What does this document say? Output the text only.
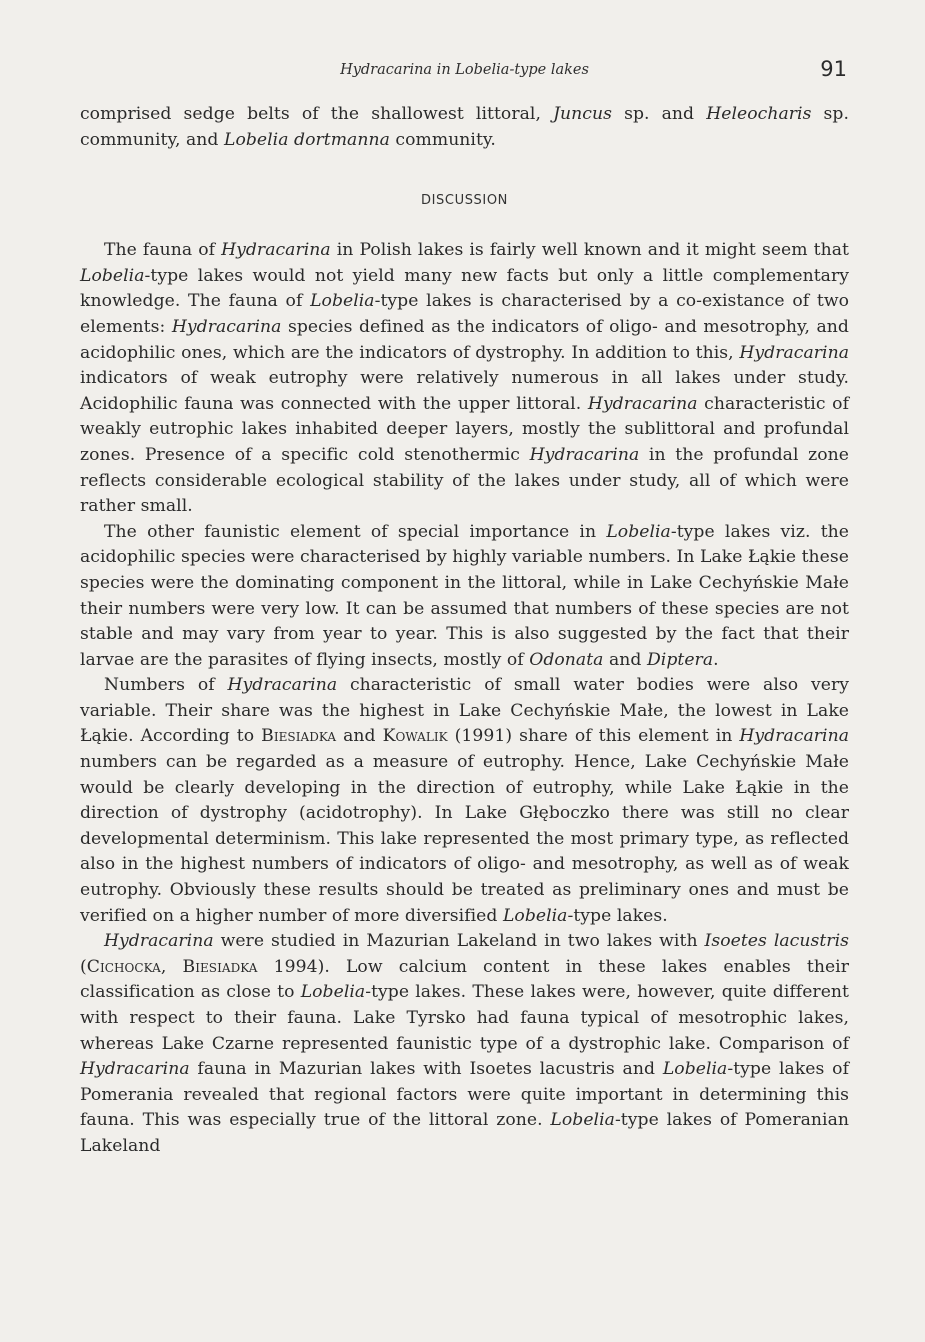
Hydracarina in Lobelia-type lakes	91

comprised sedge belts of the shallowest littoral, Juncus sp. and Heleocharis sp. community, and Lobelia dortmanna community.

DISCUSSION

The fauna of Hydracarina in Polish lakes is fairly well known and it might seem that Lobelia-type lakes would not yield many new facts but only a little complementary knowledge. The fauna of Lobelia-type lakes is characterised by a co-existance of two elements: Hydracarina species defined as the indicators of oligo- and mesotrophy, and acidophilic ones, which are the indicators of dystrophy. In addition to this, Hydracarina indicators of weak eutrophy were relatively numerous in all lakes under study. Acidophilic fauna was connected with the upper littoral. Hydracarina characteristic of weakly eutrophic lakes inhabited deeper layers, mostly the sublittoral and profundal zones. Presence of a specific cold stenothermic Hydracarina in the profundal zone reflects considerable ecological stability of the lakes under study, all of which were rather small.

The other faunistic element of special importance in Lobelia-type lakes viz. the acidophilic species were characterised by highly variable numbers. In Lake Łąkie these species were the dominating component in the littoral, while in Lake Cechyńskie Małe their numbers were very low. It can be assumed that numbers of these species are not stable and may vary from year to year. This is also suggested by the fact that their larvae are the parasites of flying insects, mostly of Odonata and Diptera.

Numbers of Hydracarina characteristic of small water bodies were also very variable. Their share was the highest in Lake Cechyńskie Małe, the lowest in Lake Łąkie. According to Biesiadka and Kowalik (1991) share of this element in Hydracarina numbers can be regarded as a measure of eutrophy. Hence, Lake Cechyńskie Małe would be clearly developing in the direction of eutrophy, while Lake Łąkie in the direction of dystrophy (acidotrophy). In Lake Głęboczko there was still no clear developmental determinism. This lake represented the most primary type, as reflected also in the highest numbers of indicators of oligo- and mesotrophy, as well as of weak eutrophy. Obviously these results should be treated as preliminary ones and must be verified on a higher number of more diversified Lobelia-type lakes.

Hydracarina were studied in Mazurian Lakeland in two lakes with Isoetes lacustris (Cichocka, Biesiadka 1994). Low calcium content in these lakes enables their classification as close to Lobelia-type lakes. These lakes were, however, quite different with respect to their fauna. Lake Tyrsko had fauna typical of mesotrophic lakes, whereas Lake Czarne represented faunistic type of a dystrophic lake. Comparison of Hydracarina fauna in Mazurian lakes with Isoetes lacustris and Lobelia-type lakes of Pomerania revealed that regional factors were quite important in determining this fauna. This was especially true of the littoral zone. Lobelia-type lakes of Pomeranian Lakeland
